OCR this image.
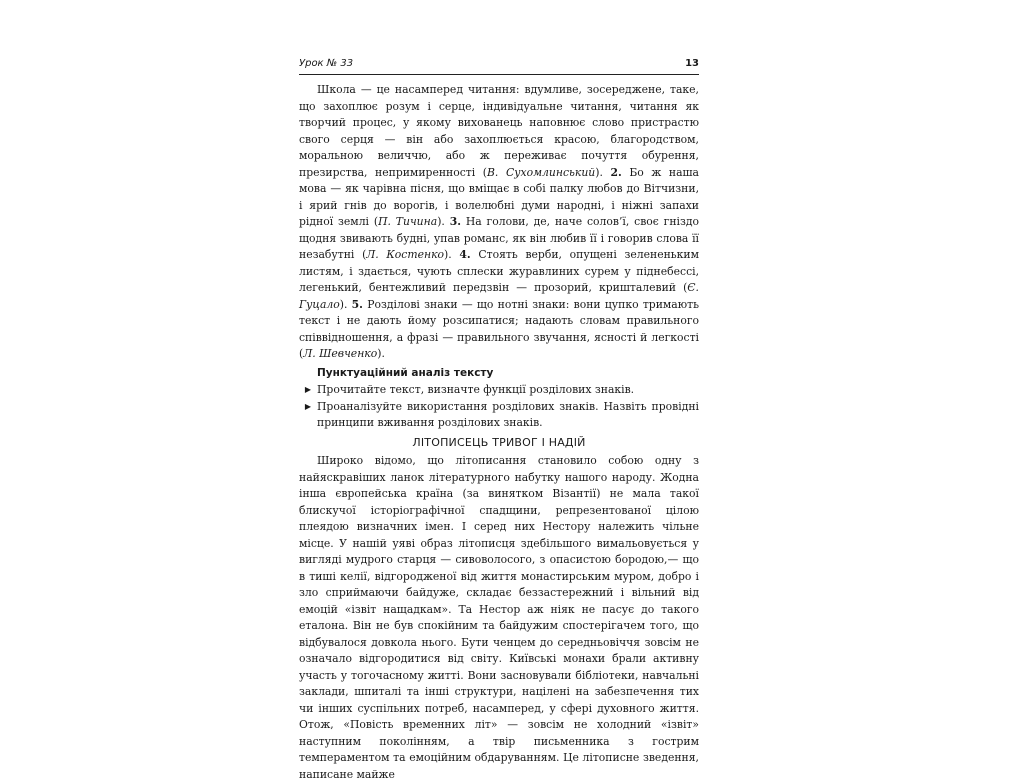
Урок № 33	13

Школа — це насамперед читання: вдумливе, зосереджене, таке, що захоплює розум і серце, індивідуальне читання, читання як творчий процес, у якому вихованець наповнює слово пристрастю свого серця — він або захоплюється красою, благородством, моральною величчю, або ж переживає почуття обурення, презирства, непримиренності (В. Сухомлинський). 2. Бо ж наша мова — як чарівна пісня, що вміщає в собі палку любов до Вітчизни, і ярий гнів до ворогів, і волелюбні думи народні, і ніжні запахи рідної землі (П. Тичина). 3. На голови, де, наче солов’ї, своє гніздо щодня звивають будні, упав романс, як він любив її і говорив слова її незабутні (Л. Костенко). 4. Стоять верби, опущені зелененьким листям, і здається, чують сплески журавлиних сурем у піднебессі, легенький, бентежливий передзвін — прозорий, кришталевий (Є. Гуцало). 5. Розділові знаки — що нотні знаки: вони цупко тримають текст і не дають йому розсипатися; надають словам правильного співвідношення, а фразі — правильного звучання, ясності й легкості (Л. Шевченко).

Пунктуаційний аналіз тексту
▶ Прочитайте текст, визначте функції розділових знаків.
▶ Проаналізуйте використання розділових знаків. Назвіть провідні принципи вживання розділових знаків.
ЛІТОПИСЕЦЬ ТРИВОГ І НАДІЙ

Широко відомо, що літописання становило собою одну з найяскравіших ланок літературного набутку нашого народу. Жодна інша європейська країна (за винятком Візантії) не мала такої блискучої історіографічної спадщини, репрезентованої цілою плеядою визначних імен. І серед них Нестору належить чільне місце. У нашій уяві образ літописця здебільшого вимальовується у вигляді мудрого старця — сивоволосого, з опасистою бородою,— що в тиші келії, відгородженої від життя монастирським муром, добро і зло сприймаючи байдуже, складає беззастережний і вільний від емоцій «ізвіт нащадкам». Та Нестор аж ніяк не пасує до такого еталона. Він не був спокійним та байдужим спостерігачем того, що відбувалося довкола нього. Бути ченцем до середньовіччя зовсім не означало відгородитися від світу. Київські монахи брали активну участь у тогочасному житті. Вони засновували бібліотеки, навчальні заклади, шпиталі та інші структури, націлені на забезпечення тих чи інших суспільних потреб, насамперед, у сфері духовного життя. Отож, «Повість временних літ» — зовсім не холодний «ізвіт» наступним поколінням, а твір письменника з гострим темпераментом та емоційним обдаруванням. Це літописне зведення, написане майже
